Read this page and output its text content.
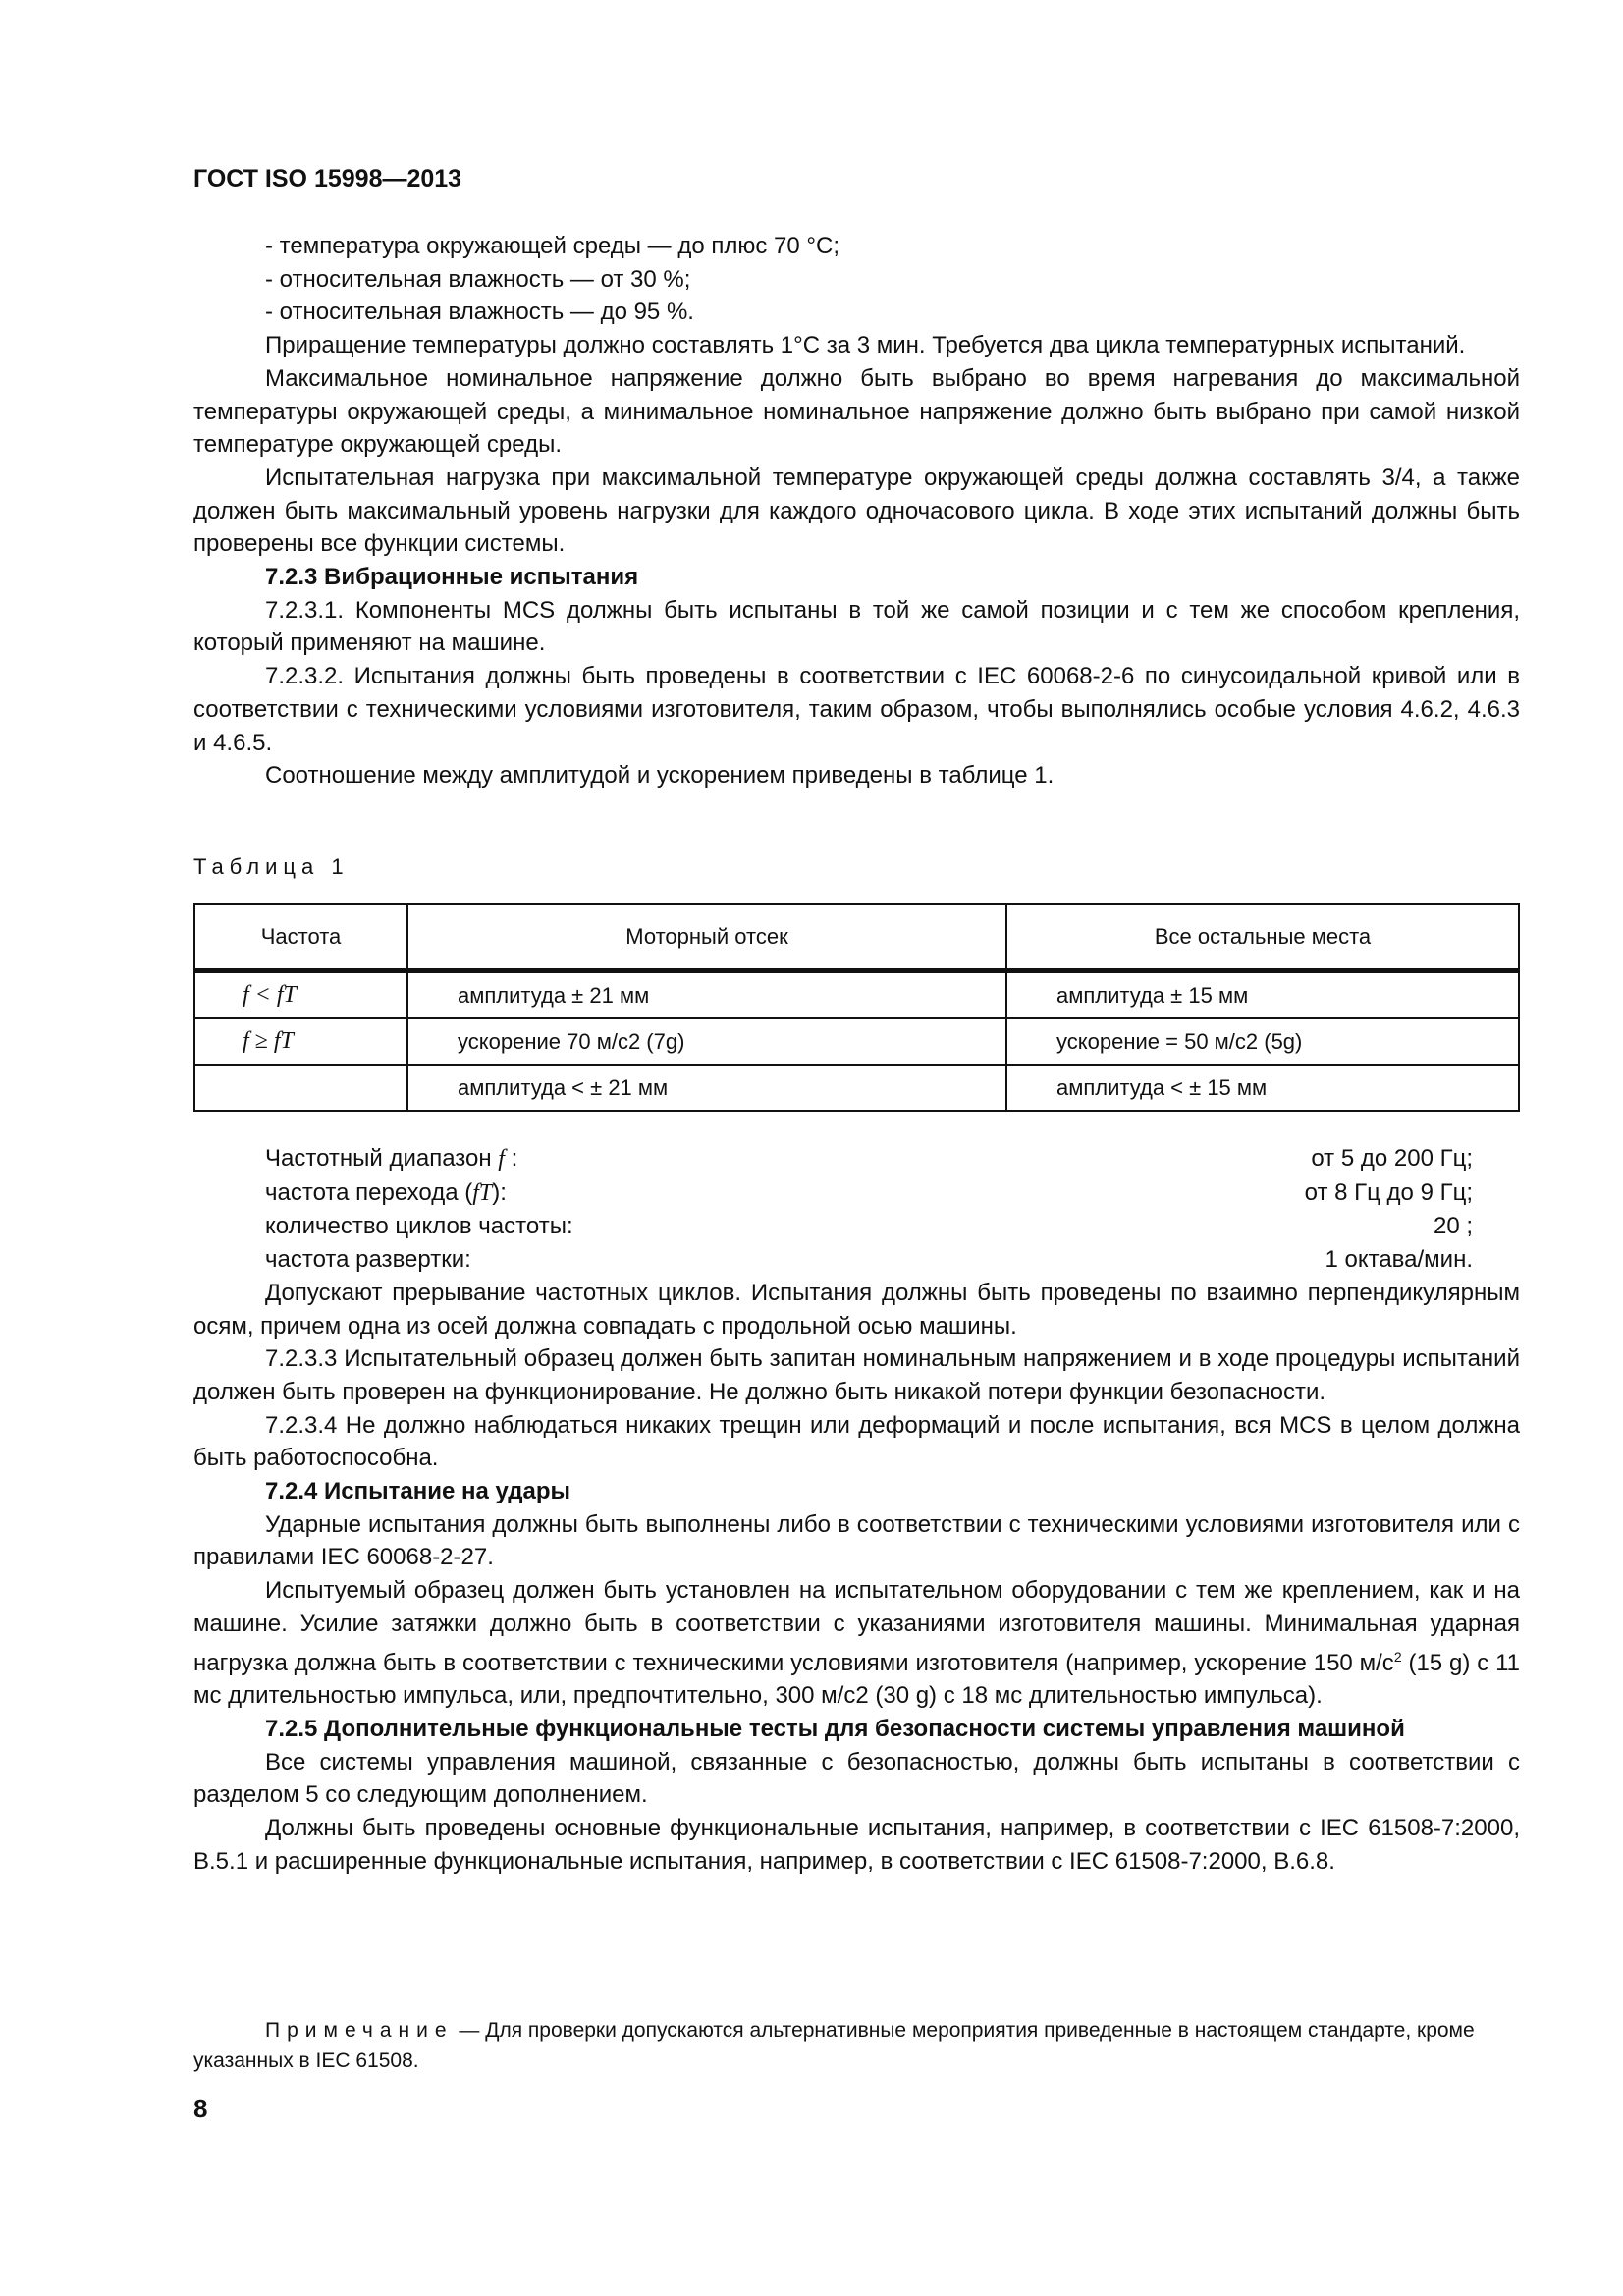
ГОСТ ISO 15998—2013

- температура окружающей среды — до плюс 70 °С;

- относительная влажность — от 30 %;

- относительная влажность — до 95 %.

Приращение температуры должно составлять 1°С за 3 мин. Требуется два цикла температурных испытаний.

Максимальное номинальное напряжение должно быть выбрано во время нагревания до максимальной температуры окружающей среды, а минимальное номинальное напряжение должно быть выбрано при самой низкой температуре окружающей среды.

Испытательная нагрузка при максимальной температуре окружающей среды должна составлять 3/4, а также должен быть максимальный уровень нагрузки для каждого одночасового цикла. В ходе этих испытаний должны быть проверены все функции системы.

7.2.3 Вибрационные испытания

7.2.3.1. Компоненты MCS должны быть испытаны в той же самой позиции и с тем же способом крепления, который применяют на машине.

7.2.3.2. Испытания должны быть проведены в соответствии с IEC 60068-2-6 по синусоидальной кривой или в соответствии с техническими условиями изготовителя, таким образом, чтобы выполнялись особые условия 4.6.2, 4.6.3 и 4.6.5.

Соотношение между амплитудой и ускорением приведены в таблице 1.

Таблица 1
Частота	Моторный отсек	Все остальные места
f < fT	амплитуда ± 21 мм	амплитуда ± 15 мм
f ≥ fT	ускорение 70 м/с2 (7g)	ускорение = 50 м/с2 (5g)
	амплитуда < ± 21 мм	амплитуда < ± 15 мм
Частотный диапазон f :	от 5 до 200 Гц;
частота перехода (fT):	от 8 Гц до 9 Гц;
количество циклов частоты:	20 ;
частота развертки:	1 октава/мин.

Допускают прерывание частотных циклов. Испытания должны быть проведены по взаимно перпендикулярным осям, причем одна из осей должна совпадать с продольной осью машины.

7.2.3.3 Испытательный образец должен быть запитан номинальным напряжением и в ходе процедуры испытаний должен быть проверен на функционирование. Не должно быть никакой потери функции безопасности.

7.2.3.4 Не должно наблюдаться никаких трещин или деформаций и после испытания, вся MCS в целом должна быть работоспособна.

7.2.4 Испытание на удары

Ударные испытания должны быть выполнены либо в соответствии с техническими условиями изготовителя или с правилами IEC 60068-2-27.

Испытуемый образец должен быть установлен на испытательном оборудовании с тем же креплением, как и на машине. Усилие затяжки должно быть в соответствии с указаниями изготовителя машины. Минимальная ударная нагрузка должна быть в соответствии с техническими условиями изготовителя (например, ускорение 150 $м/с^2$ (15 g) с 11 мс длительностью импульса, или, предпочтительно, 300 м/с2 (30 g) с 18 мс длительностью импульса).

7.2.5 Дополнительные функциональные тесты для безопасности системы управления машиной

Все системы управления машиной, связанные с безопасностью, должны быть испытаны в соответствии с разделом 5 со следующим дополнением.

Должны быть проведены основные функциональные испытания, например, в соответствии с IEC 61508-7:2000, B.5.1 и расширенные функциональные испытания, например, в соответствии с IEC 61508-7:2000, B.6.8.

Примечание — Для проверки допускаются альтернативные мероприятия приведенные в настоящем стандарте, кроме указанных в IEC 61508.

8
